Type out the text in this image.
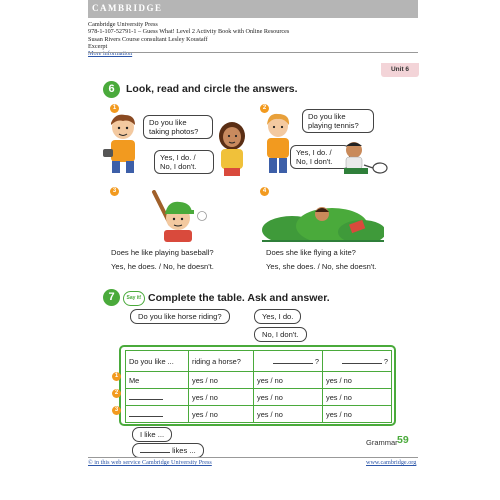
CAMBRIDGE
Cambridge University Press
978-1-107-52791-1 – Guess What! Level 2 Activity Book with Online Resources
Susan Rivers Course consultant Lesley Koustaff
Excerpt
More information
Unit 6
6	Look, read and circle the answers.
1
Do you like taking photos?
Yes, I do. /
No, I don't.
2
Do you like playing tennis?
Yes, I do. /
No, I don't.
3
Does he like playing baseball?
Yes, he does. / No, he doesn't.
4
Does she like flying a kite?
Yes, she does. / No, she doesn't.
7	Say it! Complete the table. Ask and answer.
Do you like horse riding?	Yes, I do.
No, I don't.
Do you like ...	riding a horse?	?	?
Me	yes / no	yes / no	yes / no
	yes / no	yes / no	yes / no
	yes / no	yes / no	yes / no
1
2
3
I like ...
likes ...
Grammar 59
© in this web service Cambridge University Press	www.cambridge.org
